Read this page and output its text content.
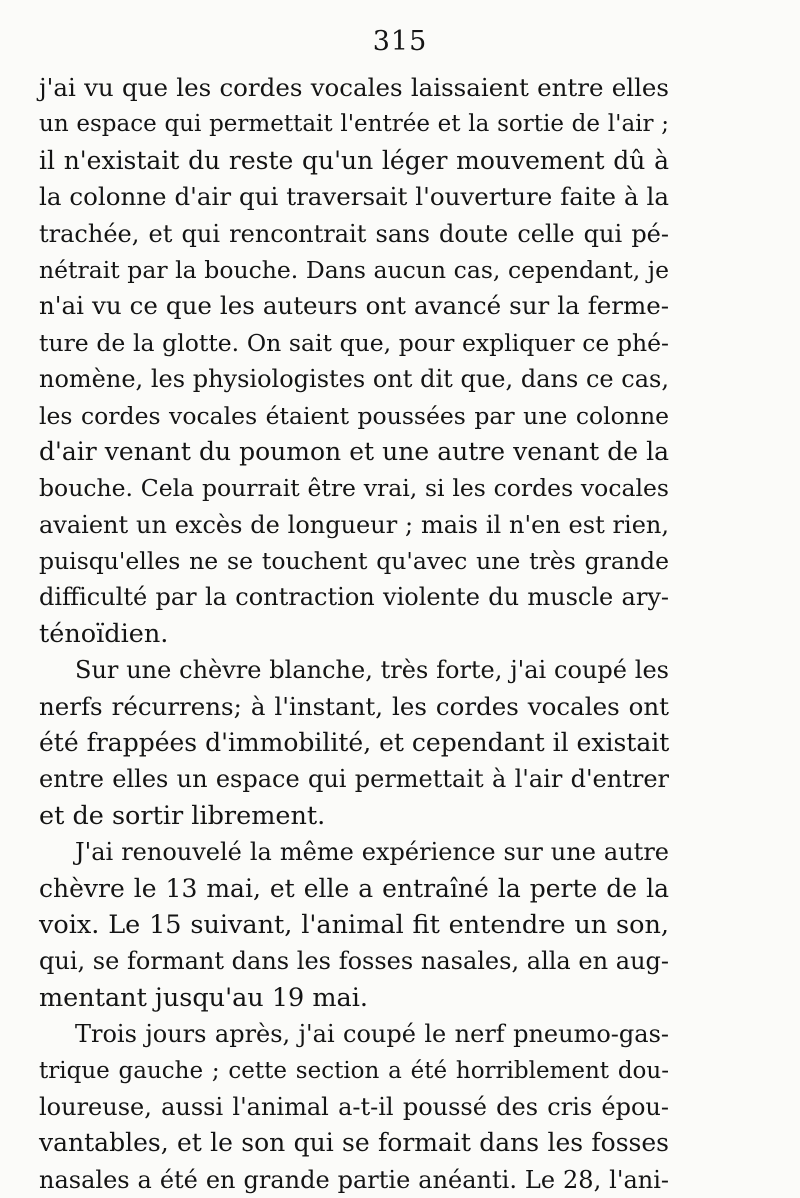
315
j'ai vu que les cordes vocales laissaient entre elles
un espace qui permettait l'entrée et la sortie de l'air ;
il n'existait du reste qu'un léger mouvement dû à
la colonne d'air qui traversait l'ouverture faite à la
trachée, et qui rencontrait sans doute celle qui pé-
nétrait par la bouche. Dans aucun cas, cependant, je
n'ai vu ce que les auteurs ont avancé sur la ferme-
ture de la glotte. On sait que, pour expliquer ce phé-
nomène, les physiologistes ont dit que, dans ce cas,
les cordes vocales étaient poussées par une colonne
d'air venant du poumon et une autre venant de la
bouche. Cela pourrait être vrai, si les cordes vocales
avaient un excès de longueur ; mais il n'en est rien,
puisqu'elles ne se touchent qu'avec une très grande
difficulté par la contraction violente du muscle ary-
ténoïdien.
Sur une chèvre blanche, très forte, j'ai coupé les
nerfs récurrens; à l'instant, les cordes vocales ont
été frappées d'immobilité, et cependant il existait
entre elles un espace qui permettait à l'air d'entrer
et de sortir librement.
J'ai renouvelé la même expérience sur une autre
chèvre le 13 mai, et elle a entraîné la perte de la
voix. Le 15 suivant, l'animal fit entendre un son,
qui, se formant dans les fosses nasales, alla en aug-
mentant jusqu'au 19 mai.
Trois jours après, j'ai coupé le nerf pneumo-gas-
trique gauche ; cette section a été horriblement dou-
loureuse, aussi l'animal a-t-il poussé des cris épou-
vantables, et le son qui se formait dans les fosses
nasales a été en grande partie anéanti. Le 28, l'ani-
